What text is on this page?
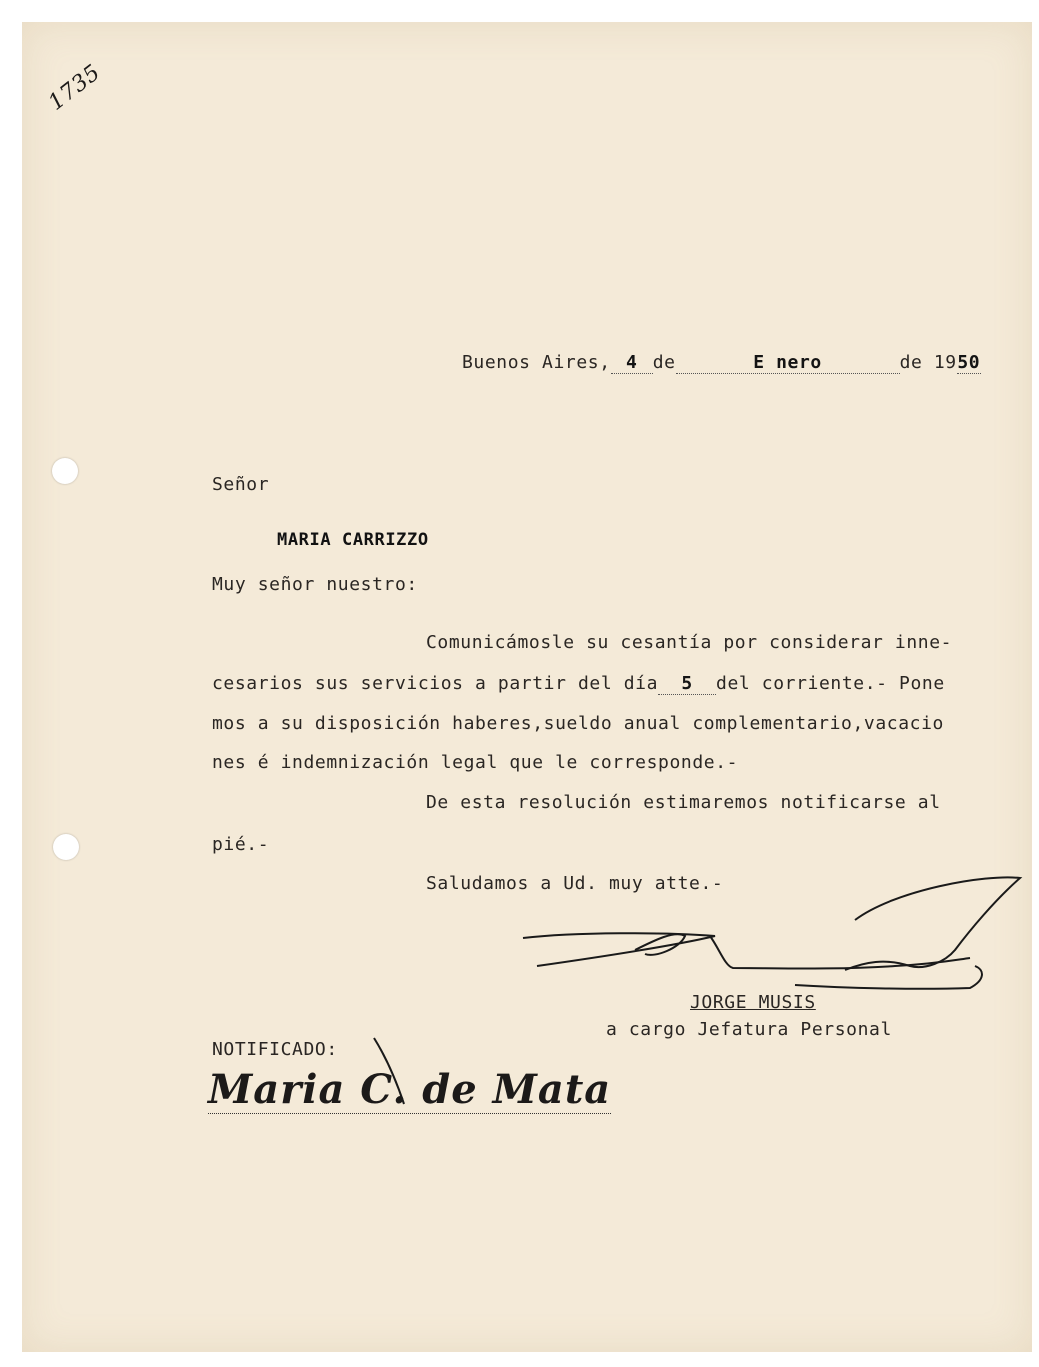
1735
Buenos Aires, 4 de	E nero	de 1950
Señor
MARIA CARRIZZO
Muy señor nuestro:
Comunicámosle su cesantía por considerar inne-
cesarios sus servicios a partir del día 5 del corriente.- Pone
mos a su disposición haberes,sueldo anual complementario,vacacio
nes é indemnización legal que le corresponde.-
De esta resolución estimaremos notificarse al
pié.-
Saludamos a Ud. muy atte.-
JORGE MUSIS
a cargo Jefatura Personal
NOTIFICADO:
Maria C. de Mata
